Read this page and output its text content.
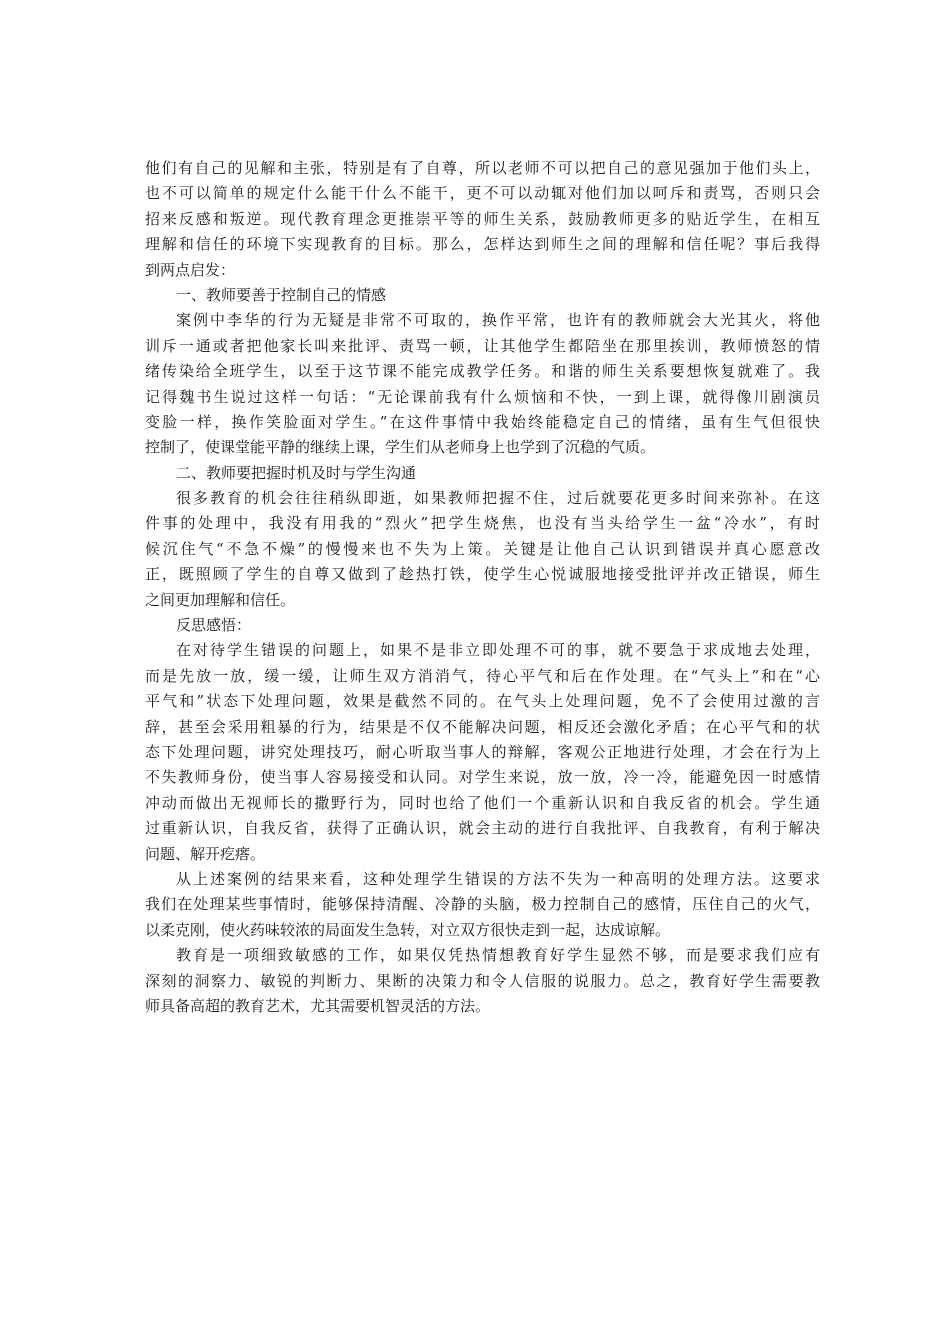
他们有自己的见解和主张，特别是有了自尊，所以老师不可以把自己的意见强加于他们头上，
也不可以简单的规定什么能干什么不能干，更不可以动辄对他们加以呵斥和责骂，否则只会
招来反感和叛逆。现代教育理念更推崇平等的师生关系，鼓励教师更多的贴近学生，在相互
理解和信任的环境下实现教育的目标。那么，怎样达到师生之间的理解和信任呢？事后我得
到两点启发：
一、教师要善于控制自己的情感
案例中李华的行为无疑是非常不可取的，换作平常，也许有的教师就会大光其火，将他
训斥一通或者把他家长叫来批评、责骂一顿，让其他学生都陪坐在那里挨训，教师愤怒的情
绪传染给全班学生，以至于这节课不能完成教学任务。和谐的师生关系要想恢复就难了。我
记得魏书生说过这样一句话：“无论课前我有什么烦恼和不快，一到上课，就得像川剧演员
变脸一样，换作笑脸面对学生。”在这件事情中我始终能稳定自己的情绪，虽有生气但很快
控制了，使课堂能平静的继续上课，学生们从老师身上也学到了沉稳的气质。
二、教师要把握时机及时与学生沟通
很多教育的机会往往稍纵即逝，如果教师把握不住，过后就要花更多时间来弥补。在这
件事的处理中，我没有用我的“烈火”把学生烧焦，也没有当头给学生一盆“冷水”，有时
候沉住气“不急不燥”的慢慢来也不失为上策。关键是让他自己认识到错误并真心愿意改
正，既照顾了学生的自尊又做到了趁热打铁，使学生心悦诚服地接受批评并改正错误，师生
之间更加理解和信任。
反思感悟：
在对待学生错误的问题上，如果不是非立即处理不可的事，就不要急于求成地去处理，
而是先放一放，缓一缓，让师生双方消消气，待心平气和后在作处理。在“气头上”和在“心
平气和”状态下处理问题，效果是截然不同的。在气头上处理问题，免不了会使用过激的言
辞，甚至会采用粗暴的行为，结果是不仅不能解决问题，相反还会激化矛盾；在心平气和的状
态下处理问题，讲究处理技巧，耐心听取当事人的辩解，客观公正地进行处理，才会在行为上
不失教师身份，使当事人容易接受和认同。对学生来说，放一放，冷一冷，能避免因一时感情
冲动而做出无视师长的撒野行为，同时也给了他们一个重新认识和自我反省的机会。学生通
过重新认识，自我反省，获得了正确认识，就会主动的进行自我批评、自我教育，有利于解决
问题、解开疙瘩。
从上述案例的结果来看，这种处理学生错误的方法不失为一种高明的处理方法。这要求
我们在处理某些事情时，能够保持清醒、冷静的头脑，极力控制自己的感情，压住自己的火气，
以柔克刚，使火药味较浓的局面发生急转，对立双方很快走到一起，达成谅解。
教育是一项细致敏感的工作，如果仅凭热情想教育好学生显然不够，而是要求我们应有
深刻的洞察力、敏锐的判断力、果断的决策力和令人信服的说服力。总之，教育好学生需要教
师具备高超的教育艺术，尤其需要机智灵活的方法。
